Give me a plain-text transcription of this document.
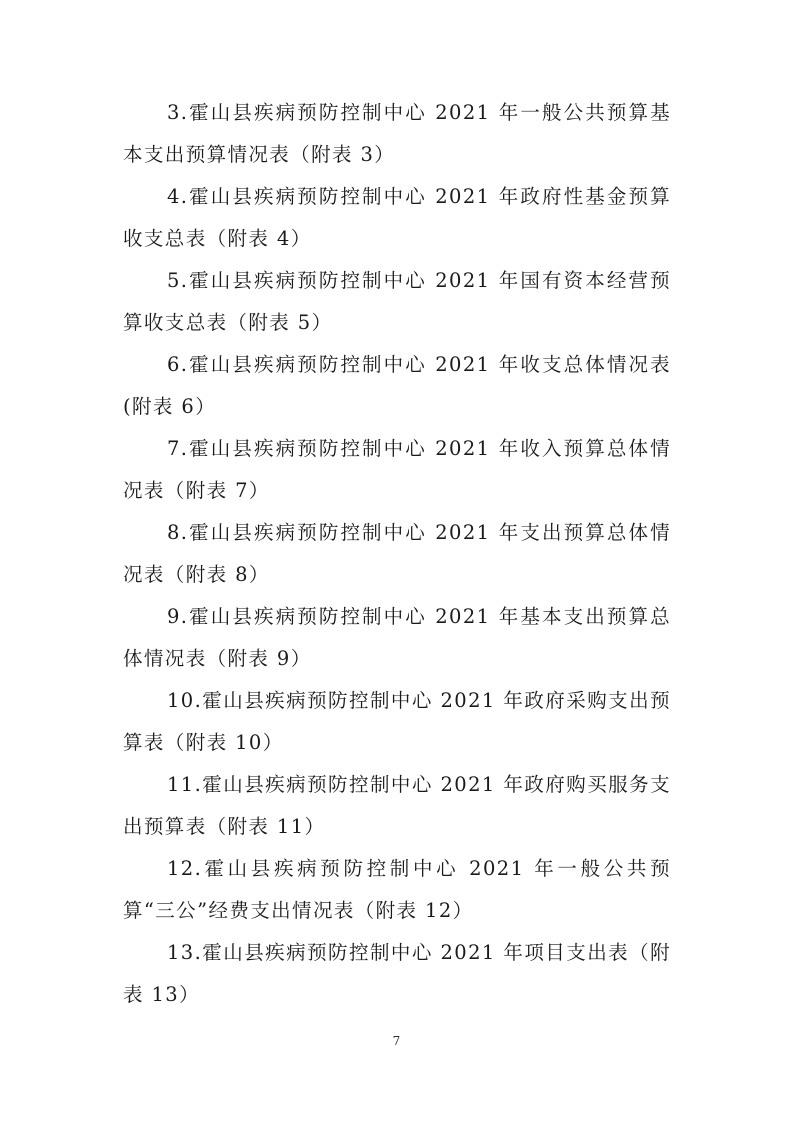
3.霍山县疾病预防控制中心 2021 年一般公共预算基本支出预算情况表（附表 3）

4.霍山县疾病预防控制中心 2021 年政府性基金预算收支总表（附表 4）

5.霍山县疾病预防控制中心 2021 年国有资本经营预算收支总表（附表 5）

6.霍山县疾病预防控制中心 2021 年收支总体情况表(附表 6）

7.霍山县疾病预防控制中心 2021 年收入预算总体情况表（附表 7）

8.霍山县疾病预防控制中心 2021 年支出预算总体情况表（附表 8）

9.霍山县疾病预防控制中心 2021 年基本支出预算总体情况表（附表 9）

10.霍山县疾病预防控制中心 2021 年政府采购支出预算表（附表 10）

11.霍山县疾病预防控制中心 2021 年政府购买服务支出预算表（附表 11）

12.霍山县疾病预防控制中心 2021 年一般公共预算“三公”经费支出情况表（附表 12）

13.霍山县疾病预防控制中心 2021 年项目支出表（附表 13）

7
